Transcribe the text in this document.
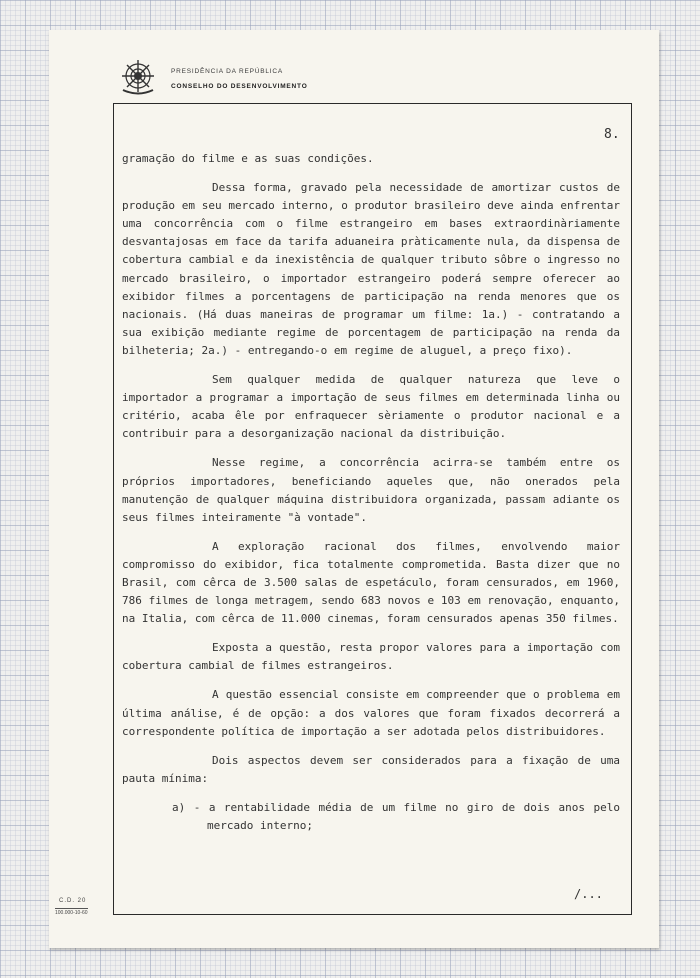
PRESIDÊNCIA DA REPÚBLICA
CONSELHO DO DESENVOLVIMENTO
8.

gramação do filme e as suas condições.

Dessa forma, gravado pela necessidade de amortizar custos de produção em seu mercado interno, o produtor brasileiro deve ainda enfrentar uma concorrência com o filme estrangeiro em bases extraordinàriamente desvantajosas em face da tarifa aduaneira pràticamente nula, da dispensa de cobertura cambial e da inexistência de qualquer tributo sôbre o ingresso no mercado brasileiro, o importador estrangeiro poderá sempre oferecer ao exibidor filmes a porcentagens de participação na renda menores que os nacionais. (Há duas maneiras de programar um filme: 1a.) - contratando a sua exibição mediante regime de porcentagem de participação na renda da bilheteria; 2a.) - entregando-o em regime de aluguel, a preço fixo).

Sem qualquer medida de qualquer natureza que leve o importador a programar a importação de seus filmes em determinada linha ou critério, acaba êle por enfraquecer sèriamente o produtor nacional e a contribuir para a desorganização nacional da distribuição.

Nesse regime, a concorrência acirra-se também entre os próprios importadores, beneficiando aqueles que, não onerados pela manutenção de qualquer máquina distribuidora organizada, passam adiante os seus filmes inteiramente "à vontade".

A exploração racional dos filmes, envolvendo maior compromisso do exibidor, fica totalmente comprometida. Basta dizer que no Brasil, com cêrca de 3.500 salas de espetáculo, foram censurados, em 1960, 786 filmes de longa metragem, sendo 683 novos e 103 em renovação, enquanto, na Italia, com cêrca de 11.000 cinemas, foram censurados apenas 350 filmes.

Exposta a questão, resta propor valores para a importação com cobertura cambial de filmes estrangeiros.

A questão essencial consiste em compreender que o problema em última análise, é de opção: a dos valores que foram fixados decorrerá a correspondente política de importação a ser adotada pelos distribuidores.

Dois aspectos devem ser considerados para a fixação de uma pauta mínima:

a) - a rentabilidade média de um filme no giro de dois anos pelo mercado interno;

/...
C.D. 20
100.000-10-60
